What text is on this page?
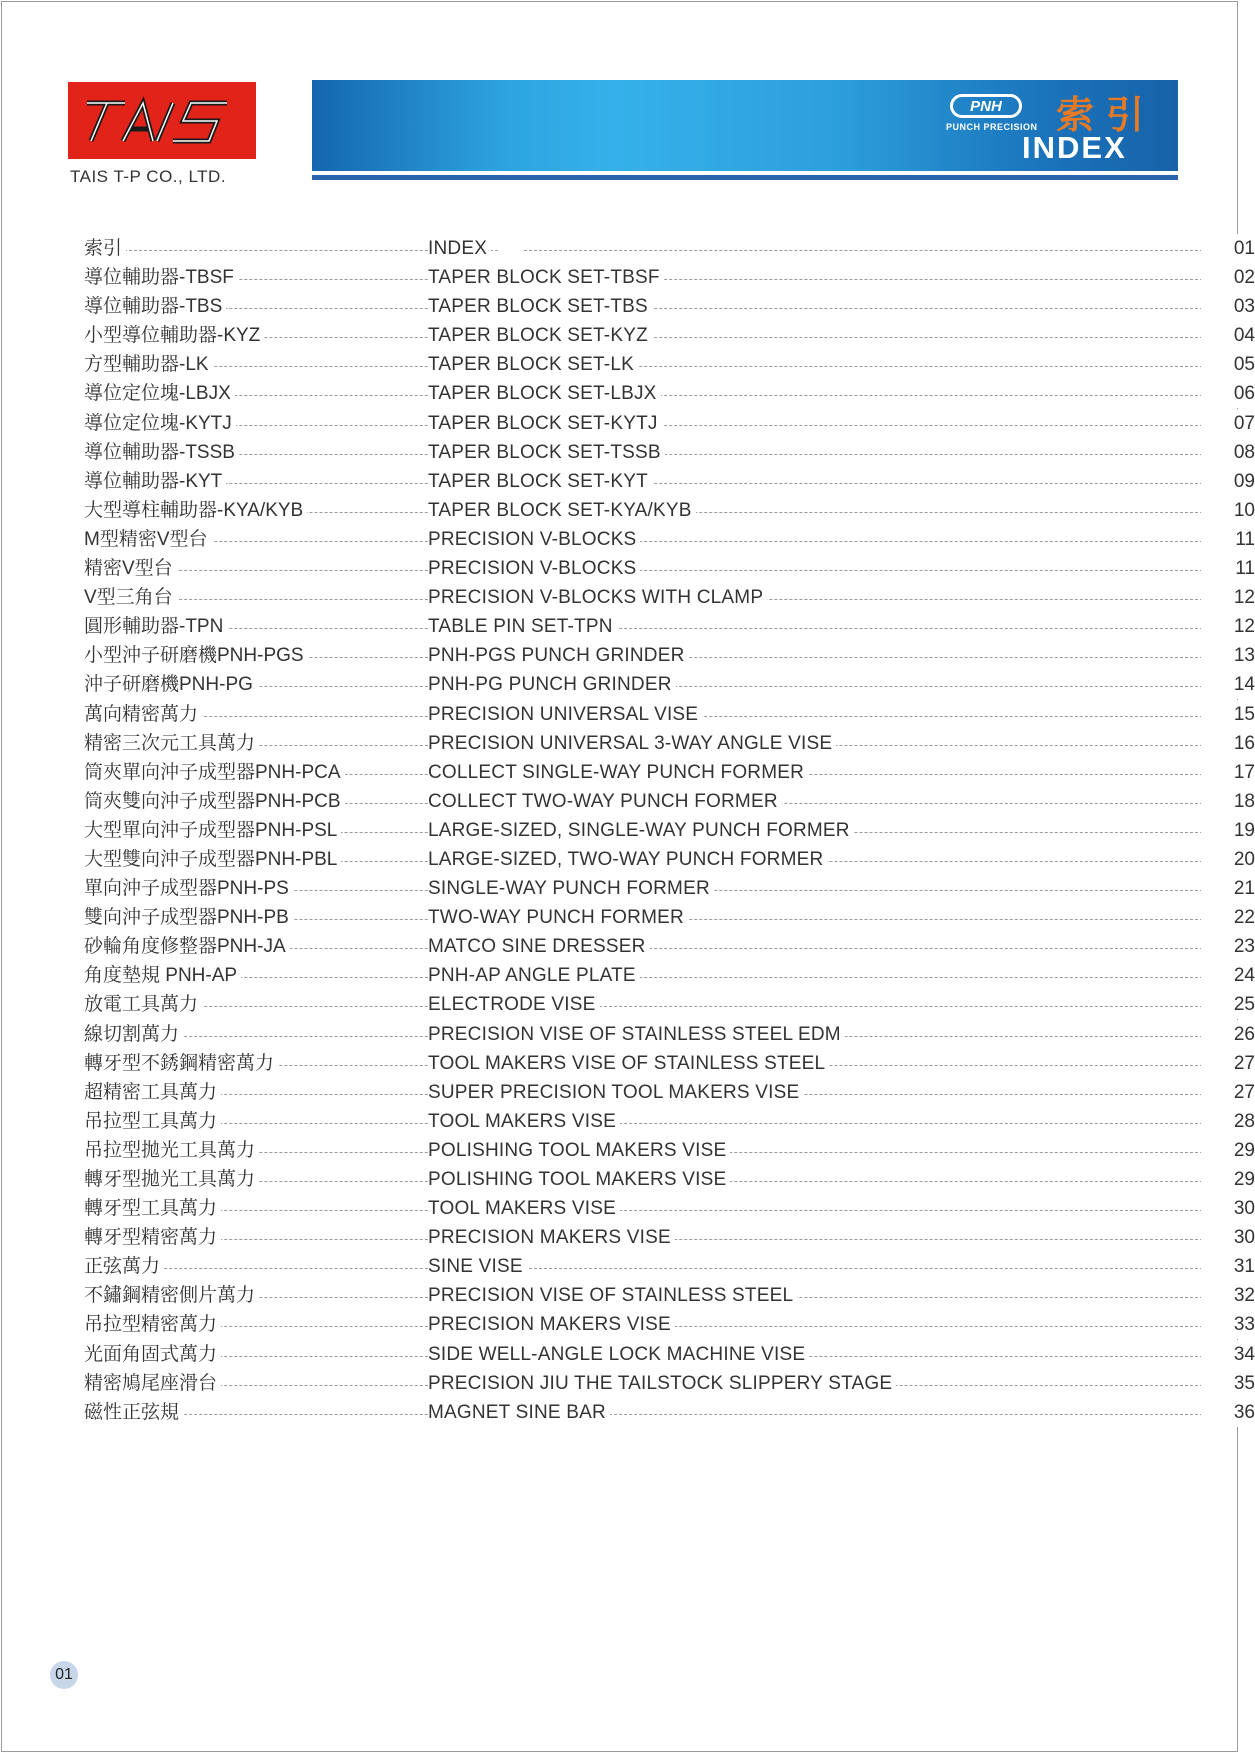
TAIS T-P CO., LTD.
PNH
PUNCH PRECISION 索引
INDEX
索引	INDEX	01
導位輔助器-TBSF	TAPER BLOCK SET-TBSF	02
導位輔助器-TBS	TAPER BLOCK SET-TBS	03
小型導位輔助器-KYZ	TAPER BLOCK SET-KYZ	04
方型輔助器-LK	TAPER BLOCK SET-LK	05
導位定位塊-LBJX	TAPER BLOCK SET-LBJX	06
導位定位塊-KYTJ	TAPER BLOCK SET-KYTJ	07
導位輔助器-TSSB	TAPER BLOCK SET-TSSB	08
導位輔助器-KYT	TAPER BLOCK SET-KYT	09
大型導柱輔助器-KYA/KYB	TAPER BLOCK SET-KYA/KYB	10
M型精密V型台	PRECISION V-BLOCKS	11
精密V型台	PRECISION V-BLOCKS	11
V型三角台	PRECISION V-BLOCKS WITH CLAMP	12
圓形輔助器-TPN	TABLE PIN SET-TPN	12
小型沖子研磨機PNH-PGS	PNH-PGS PUNCH GRINDER	13
沖子研磨機PNH-PG	PNH-PG PUNCH GRINDER	14
萬向精密萬力	PRECISION UNIVERSAL VISE	15
精密三次元工具萬力	PRECISION UNIVERSAL 3-WAY ANGLE VISE	16
筒夾單向沖子成型器PNH-PCA	COLLECT SINGLE-WAY PUNCH FORMER	17
筒夾雙向沖子成型器PNH-PCB	COLLECT TWO-WAY PUNCH FORMER	18
大型單向沖子成型器PNH-PSL	LARGE-SIZED, SINGLE-WAY PUNCH FORMER	19
大型雙向沖子成型器PNH-PBL	LARGE-SIZED, TWO-WAY PUNCH FORMER	20
單向沖子成型器PNH-PS	SINGLE-WAY PUNCH FORMER	21
雙向沖子成型器PNH-PB	TWO-WAY PUNCH FORMER	22
砂輪角度修整器PNH-JA	MATCO SINE DRESSER	23
角度墊規 PNH-AP	PNH-AP ANGLE PLATE	24
放電工具萬力	ELECTRODE VISE	25
線切割萬力	PRECISION VISE OF STAINLESS STEEL EDM	26
轉牙型不銹鋼精密萬力	TOOL MAKERS VISE OF STAINLESS STEEL	27
超精密工具萬力	SUPER PRECISION TOOL MAKERS VISE	27
吊拉型工具萬力	TOOL MAKERS VISE	28
吊拉型拋光工具萬力	POLISHING TOOL MAKERS VISE	29
轉牙型拋光工具萬力	POLISHING TOOL MAKERS VISE	29
轉牙型工具萬力	TOOL MAKERS VISE	30
轉牙型精密萬力	PRECISION MAKERS VISE	30
正弦萬力	SINE VISE	31
不鏽鋼精密側片萬力	PRECISION VISE OF STAINLESS STEEL	32
吊拉型精密萬力	PRECISION MAKERS VISE	33
光面角固式萬力	SIDE WELL-ANGLE LOCK MACHINE VISE	34
精密鳩尾座滑台	PRECISION JIU THE TAILSTOCK SLIPPERY STAGE	35
磁性正弦規	MAGNET SINE BAR	36
01
